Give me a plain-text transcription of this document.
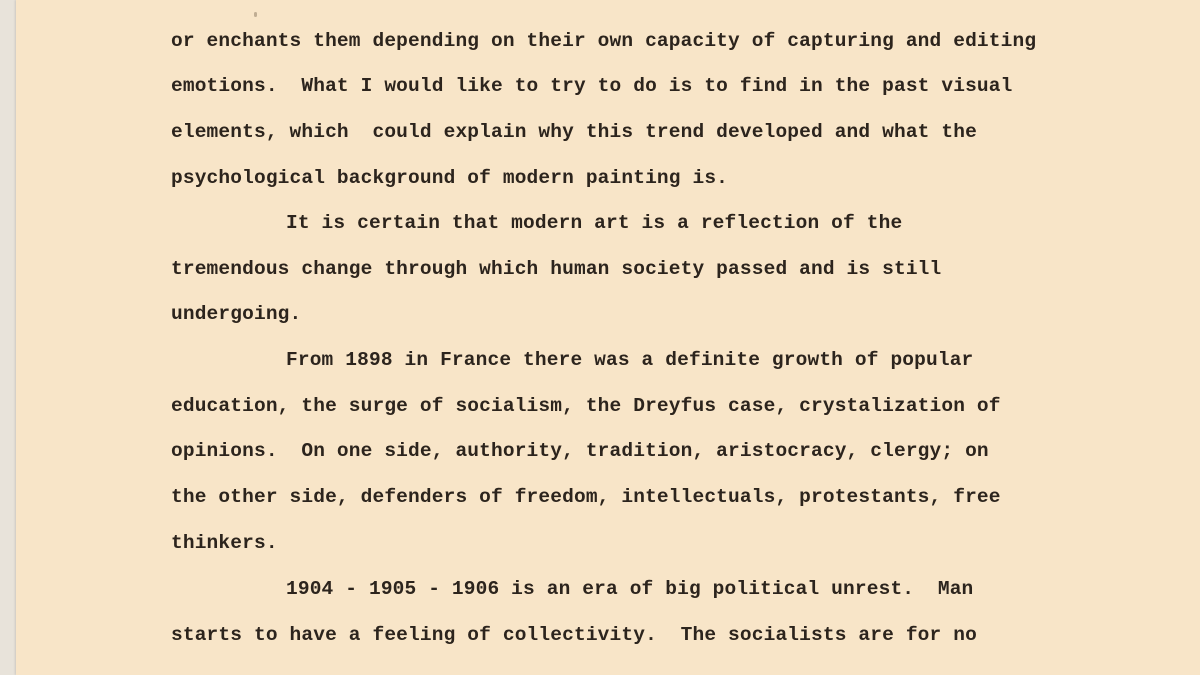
or enchants them depending on their own capacity of capturing and editing
emotions.  What I would like to try to do is to find in the past visual
elements, which  could explain why this trend developed and what the
psychological background of modern painting is.
It is certain that modern art is a reflection of the
tremendous change through which human society passed and is still
undergoing.
From 1898 in France there was a definite growth of popular
education, the surge of socialism, the Dreyfus case, crystalization of
opinions.  On one side, authority, tradition, aristocracy, clergy; on
the other side, defenders of freedom, intellectuals, protestants, free
thinkers.
1904 - 1905 - 1906 is an era of big political unrest.  Man
starts to have a feeling of collectivity.  The socialists are for no
